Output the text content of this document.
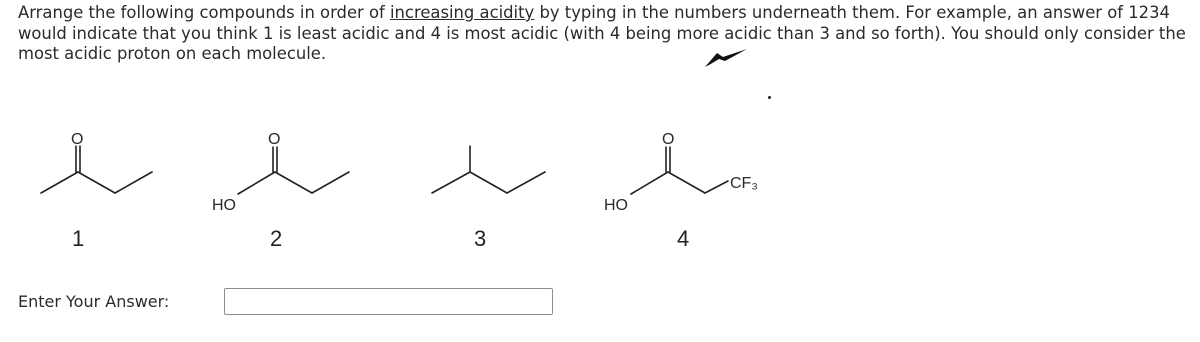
Arrange the following compounds in order of increasing acidity by typing in the numbers underneath them. For example, an answer of 1234 would indicate that you think 1 is least acidic and 4 is most acidic (with 4 being more acidic than 3 and so forth). You should only consider the most acidic proton on each molecule.

O	O
HO
O
HO
CF₃
1	2	3	4
Enter Your Answer:
